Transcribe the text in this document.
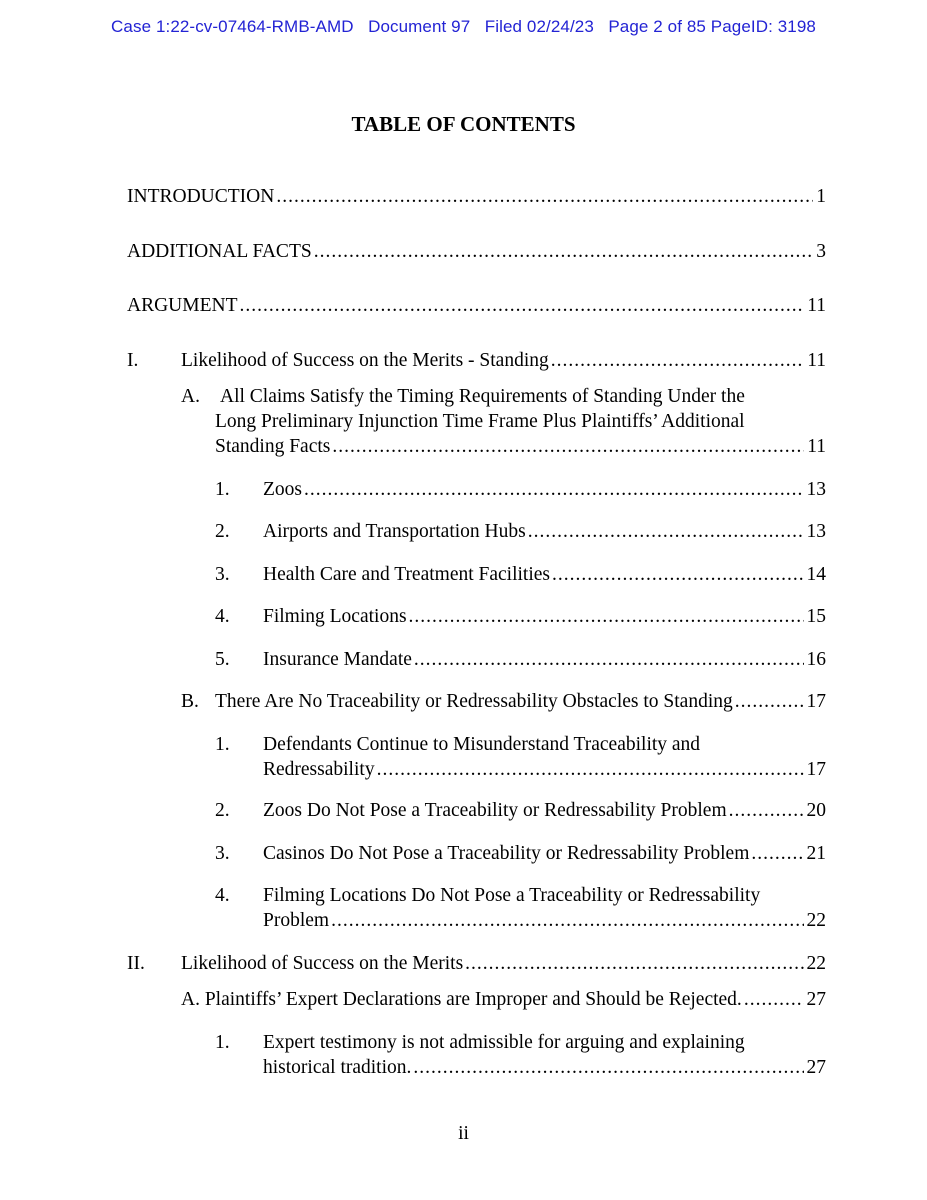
Case 1:22-cv-07464-RMB-AMD   Document 97   Filed 02/24/23   Page 2 of 85 PageID: 3198
TABLE OF CONTENTS
INTRODUCTION .....	1
ADDITIONAL FACTS .....	3
ARGUMENT .....	11
I. Likelihood of Success on the Merits - Standing .....	11
A. All Claims Satisfy the Timing Requirements of Standing Under the
Long Preliminary Injunction Time Frame Plus Plaintiffs’ Additional
Standing Facts .....	11
1. Zoos .....	13
2. Airports and Transportation Hubs .....	13
3. Health Care and Treatment Facilities .....	14
4. Filming Locations .....	15
5. Insurance Mandate .....	16
B. There Are No Traceability or Redressability Obstacles to Standing .....	17
1. Defendants Continue to Misunderstand Traceability and
Redressability .....	17
2. Zoos Do Not Pose a Traceability or Redressability Problem .....	20
3. Casinos Do Not Pose a Traceability or Redressability Problem .....	21
4. Filming Locations Do Not Pose a Traceability or Redressability
Problem .....	22
II. Likelihood of Success on the Merits .....	22
A. Plaintiffs’ Expert Declarations are Improper and Should be Rejected. .....	27
1. Expert testimony is not admissible for arguing and explaining
historical tradition. .....	27
ii
